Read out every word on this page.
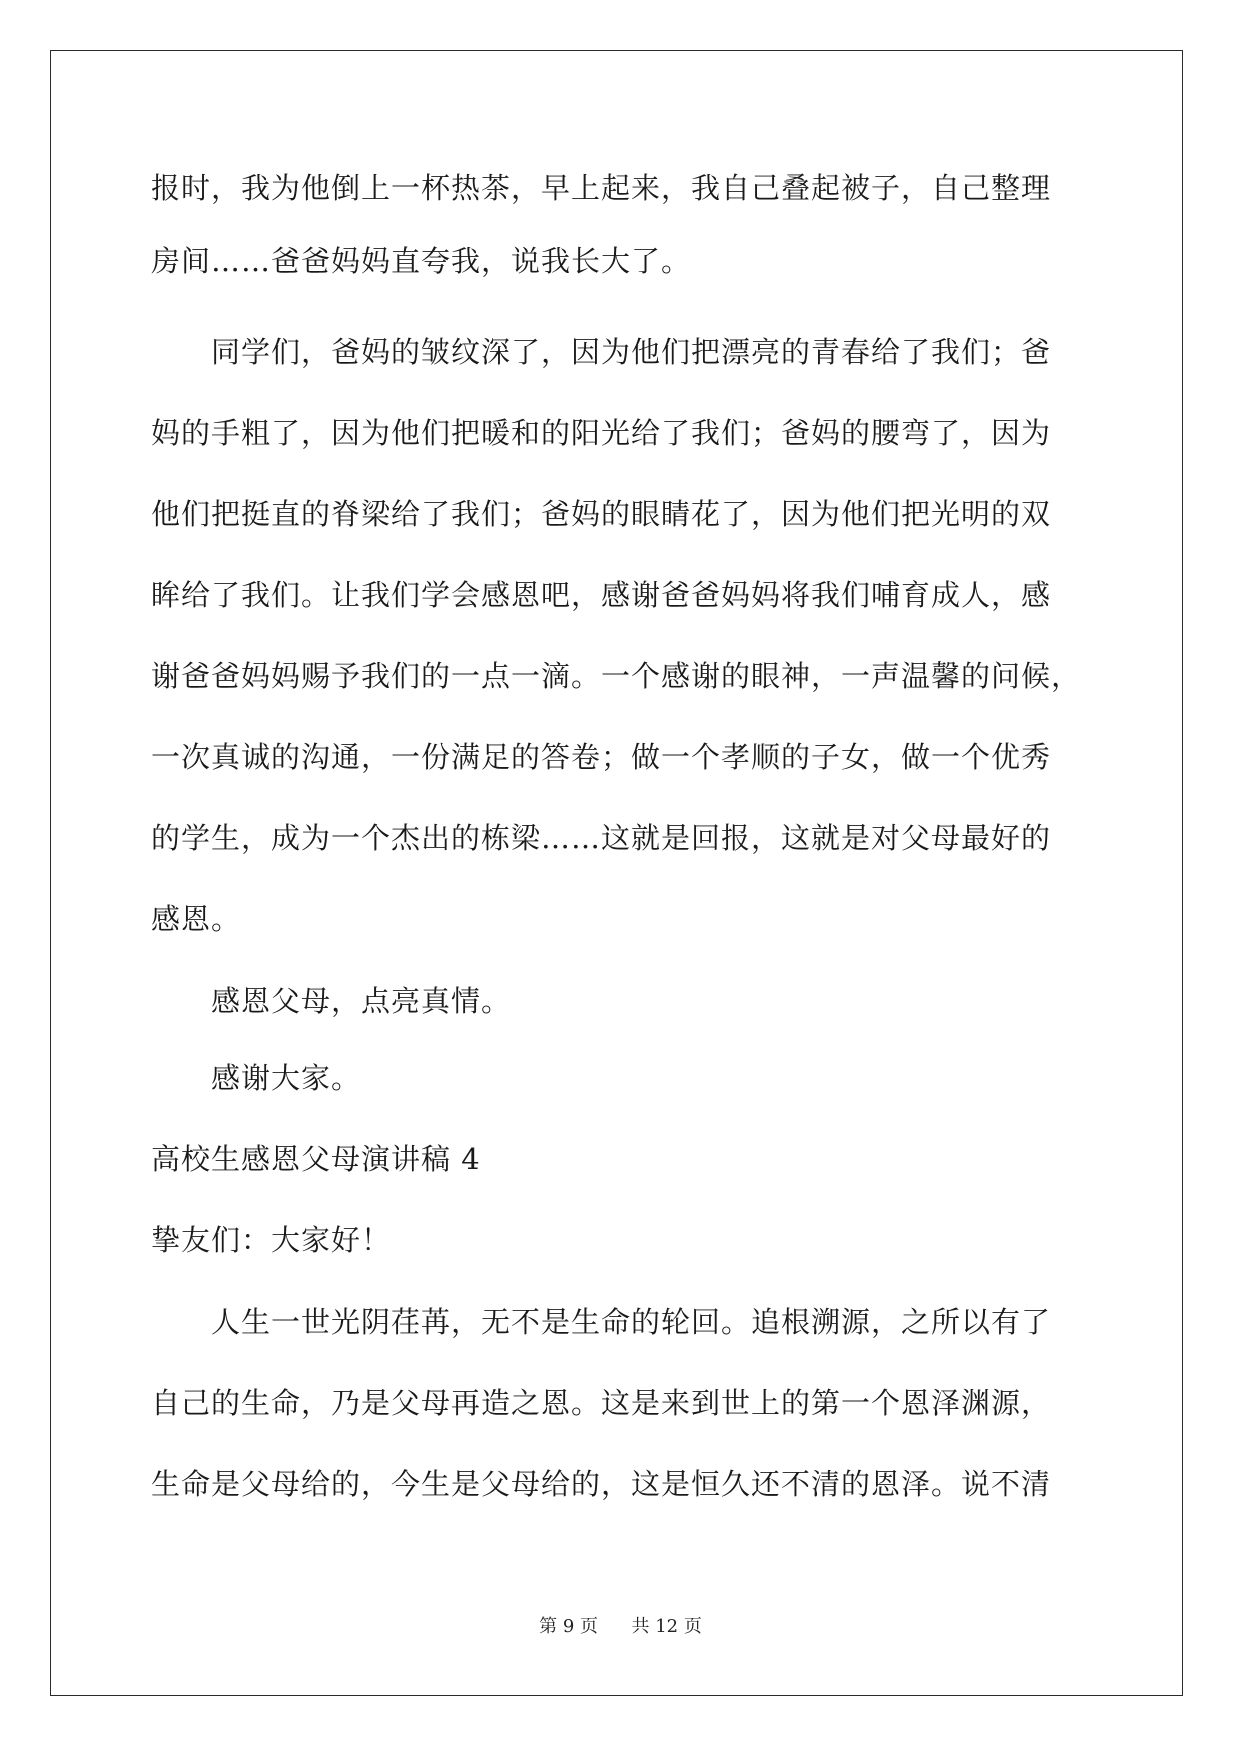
报时，我为他倒上一杯热茶，早上起来，我自己叠起被子，自己整理
房间……爸爸妈妈直夸我，说我长大了。
　　同学们，爸妈的皱纹深了，因为他们把漂亮的青春给了我们；爸
妈的手粗了，因为他们把暖和的阳光给了我们；爸妈的腰弯了，因为
他们把挺直的脊梁给了我们；爸妈的眼睛花了，因为他们把光明的双
眸给了我们。让我们学会感恩吧，感谢爸爸妈妈将我们哺育成人，感
谢爸爸妈妈赐予我们的一点一滴。一个感谢的眼神，一声温馨的问候，
一次真诚的沟通，一份满足的答卷；做一个孝顺的子女，做一个优秀
的学生，成为一个杰出的栋梁……这就是回报，这就是对父母最好的
感恩。
　　感恩父母，点亮真情。
　　感谢大家。
高校生感恩父母演讲稿 4
挚友们：大家好！
　　人生一世光阴荏苒，无不是生命的轮回。追根溯源，之所以有了
自己的生命，乃是父母再造之恩。这是来到世上的第一个恩泽渊源，
生命是父母给的，今生是父母给的，这是恒久还不清的恩泽。说不清
第 9 页 共 12 页
